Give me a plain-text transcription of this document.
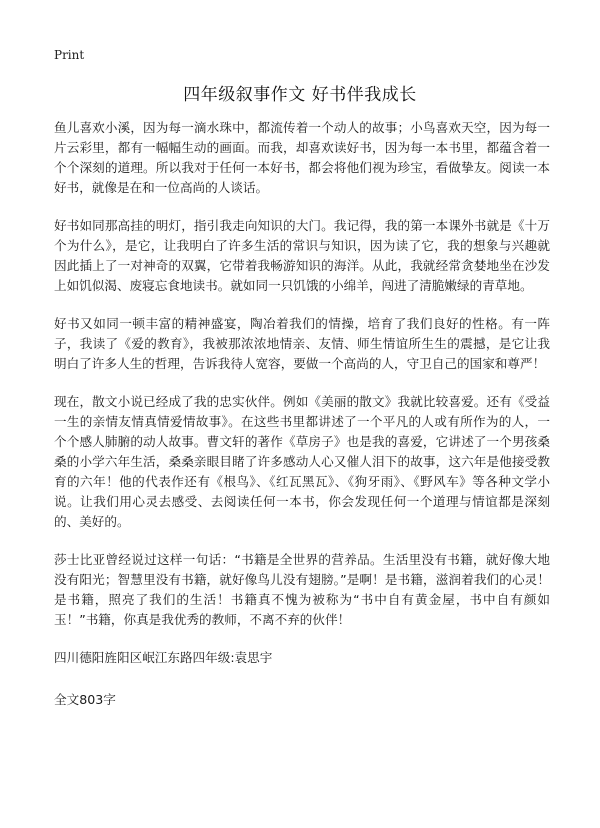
Print
四年级叙事作文 好书伴我成长

鱼儿喜欢小溪，因为每一滴水珠中，都流传着一个动人的故事；小鸟喜欢天空，因为每一片云彩里，都有一幅幅生动的画面。而我，却喜欢读好书，因为每一本书里，都蕴含着一个个深刻的道理。所以我对于任何一本好书，都会将他们视为珍宝，看做挚友。阅读一本好书，就像是在和一位高尚的人谈话。

好书如同那高挂的明灯，指引我走向知识的大门。我记得，我的第一本课外书就是《十万个为什么》，是它，让我明白了许多生活的常识与知识，因为读了它，我的想象与兴趣就因此插上了一对神奇的双翼，它带着我畅游知识的海洋。从此，我就经常贪婪地坐在沙发上如饥似渴、废寝忘食地读书。就如同一只饥饿的小绵羊，闯进了清脆嫩绿的青草地。

好书又如同一顿丰富的精神盛宴，陶冶着我们的情操，培育了我们良好的性格。有一阵子，我读了《爱的教育》，我被那浓浓地情亲、友情、师生情谊所生生的震撼，是它让我明白了许多人生的哲理，告诉我待人宽容，要做一个高尚的人，守卫自己的国家和尊严！

现在，散文小说已经成了我的忠实伙伴。例如《美丽的散文》我就比较喜爱。还有《受益一生的亲情友情真情爱情故事》。在这些书里都讲述了一个平凡的人或有所作为的人，一个个感人肺腑的动人故事。曹文轩的著作《草房子》也是我的喜爱，它讲述了一个男孩桑桑的小学六年生活，桑桑亲眼目睹了许多感动人心又催人泪下的故事，这六年是他接受教育的六年！他的代表作还有《根鸟》、《红瓦黑瓦》、《狗牙雨》、《野风车》等各种文学小说。让我们用心灵去感受、去阅读任何一本书，你会发现任何一个道理与情谊都是深刻的、美好的。

莎士比亚曾经说过这样一句话：“书籍是全世界的营养品。生活里没有书籍，就好像大地没有阳光；智慧里没有书籍，就好像鸟儿没有翅膀。”是啊！是书籍，滋润着我们的心灵！是书籍，照亮了我们的生活！书籍真不愧为被称为“书中自有黄金屋，书中自有颜如玉！”书籍，你真是我优秀的教师，不离不弃的伙伴！

四川德阳旌阳区岷江东路四年级:袁思宇

全文803字
